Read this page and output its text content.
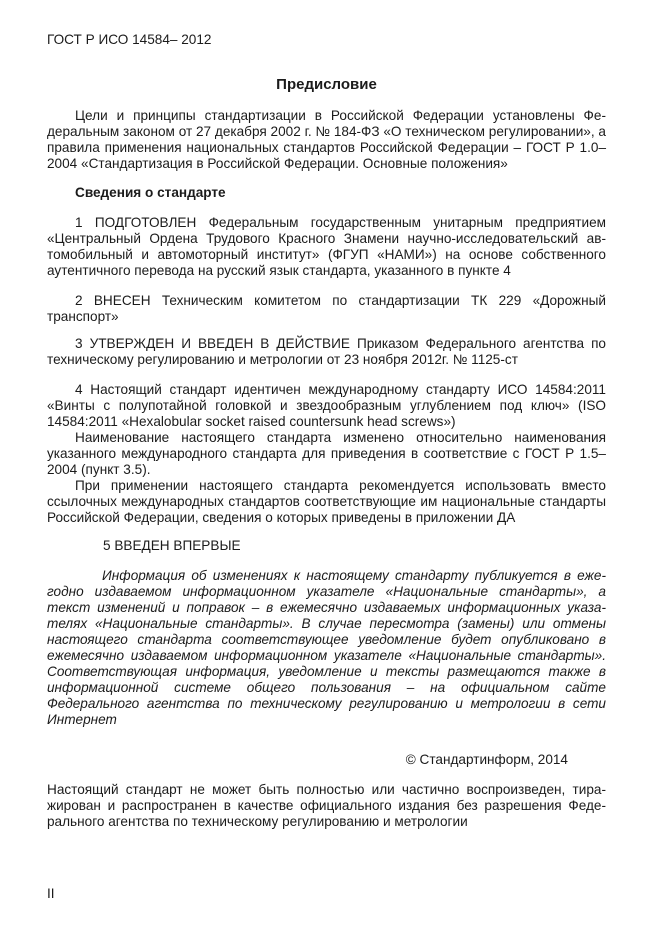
ГОСТ Р ИСО 14584– 2012
Предисловие

Цели и принципы стандартизации в Российской Федерации установлены Федеральным законом от 27 декабря 2002 г. № 184-ФЗ «О техническом регулировании», а правила применения национальных стандартов Российской Федерации – ГОСТ Р 1.0–2004 «Стандартизация в Российской Федерации. Основные положения»

Сведения о стандарте

1 ПОДГОТОВЛЕН Федеральным государственным унитарным предприятием «Центральный Ордена Трудового Красного Знамени научно-исследовательский автомобильный и автомоторный институт» (ФГУП «НАМИ») на основе собственного аутентичного перевода на русский язык стандарта, указанного в пункте 4

2 ВНЕСЕН Техническим комитетом по стандартизации ТК 229 «Дорожный транспорт»

3 УТВЕРЖДЕН И ВВЕДЕН В ДЕЙСТВИЕ Приказом Федерального агентства по техническому регулированию и метрологии от 23 ноября 2012г. № 1125-ст

4 Настоящий стандарт идентичен международному стандарту ИСО 14584:2011 «Винты с полупотайной головкой и звездообразным углублением под ключ» (ISO 14584:2011 «Hexalobular socket raised countersunk head screws»)

Наименование настоящего стандарта изменено относительно наименования указанного международного стандарта для приведения в соответствие с ГОСТ Р 1.5–2004 (пункт 3.5).

При применении настоящего стандарта рекомендуется использовать вместо ссылочных международных стандартов соответствующие им национальные стандарты Российской Федерации, сведения о которых приведены в приложении ДА

5 ВВЕДЕН ВПЕРВЫЕ

Информация об изменениях к настоящему стандарту публикуется в ежегодно издаваемом информационном указателе «Национальные стандарты», а текст изменений и поправок – в ежемесячно издаваемых информационных указателях «Национальные стандарты». В случае пересмотра (замены) или отмены настоящего стандарта соответствующее уведомление будет опубликовано в ежемесячно издаваемом информационном указателе «Национальные стандарты». Соответствующая информация, уведомление и тексты размещаются также в информационной системе общего пользования – на официальном сайте Федерального агентства по техническому регулированию и метрологии в сети Интернет

© Стандартинформ, 2014

Настоящий стандарт не может быть полностью или частично воспроизведен, тиражирован и распространен в качестве официального издания без разрешения Федерального агентства по техническому регулированию и метрологии

II
